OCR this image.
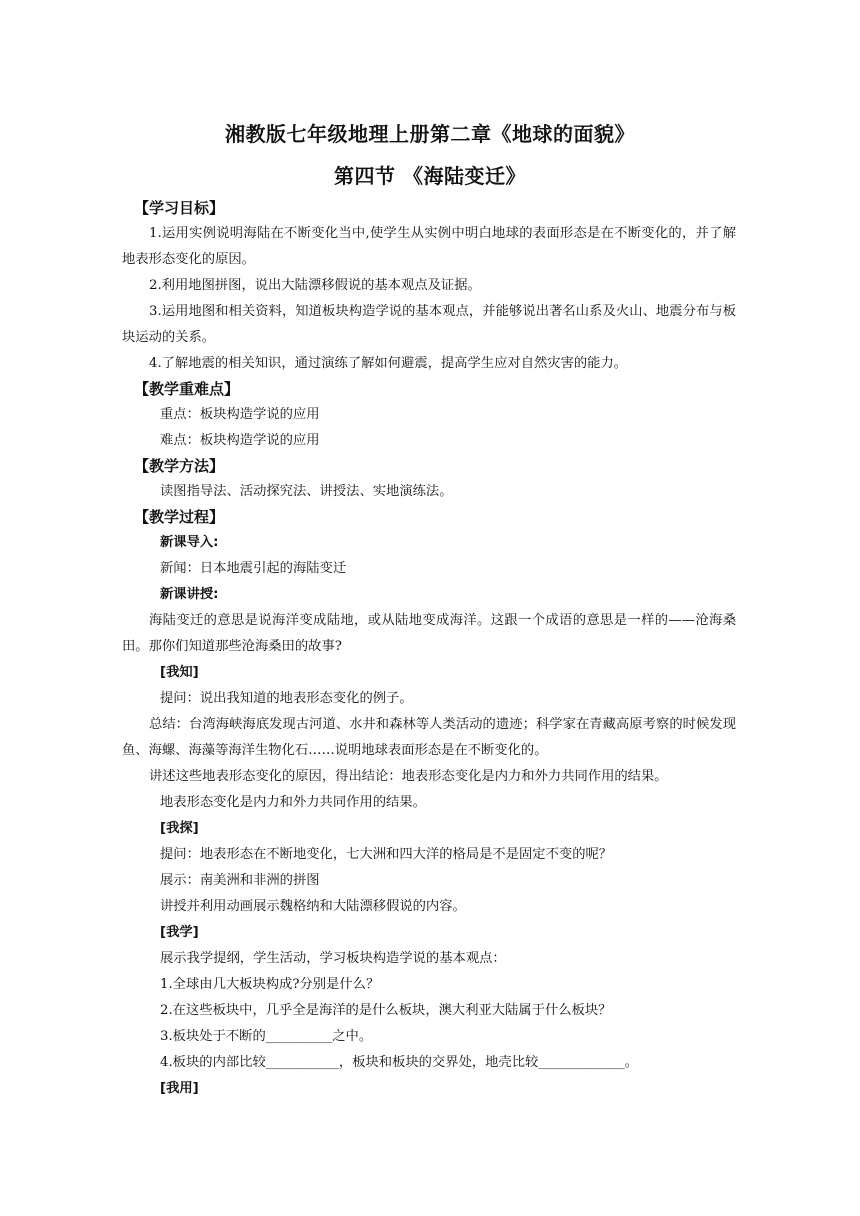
湘教版七年级地理上册第二章《地球的面貌》
第四节 《海陆变迁》
【学习目标】
1.运用实例说明海陆在不断变化当中,使学生从实例中明白地球的表面形态是在不断变化的，并了解地表形态变化的原因。
2.利用地图拼图，说出大陆漂移假说的基本观点及证据。
3.运用地图和相关资料，知道板块构造学说的基本观点，并能够说出著名山系及火山、地震分布与板块运动的关系。
4.了解地震的相关知识，通过演练了解如何避震，提高学生应对自然灾害的能力。
【教学重难点】
重点：板块构造学说的应用
难点：板块构造学说的应用
【教学方法】
读图指导法、活动探究法、讲授法、实地演练法。
【教学过程】
新课导入:
新闻：日本地震引起的海陆变迁
新课讲授:
海陆变迁的意思是说海洋变成陆地，或从陆地变成海洋。这跟一个成语的意思是一样的——沧海桑田。那你们知道那些沧海桑田的故事?
[我知]
提问：说出我知道的地表形态变化的例子。
总结：台湾海峡海底发现古河道、水井和森林等人类活动的遗迹；科学家在青藏高原考察的时候发现鱼、海螺、海藻等海洋生物化石……说明地球表面形态是在不断变化的。
讲述这些地表形态变化的原因，得出结论：地表形态变化是内力和外力共同作用的结果。
地表形态变化是内力和外力共同作用的结果。
[我探]
提问：地表形态在不断地变化，七大洲和四大洋的格局是不是固定不变的呢？
展示：南美洲和非洲的拼图
讲授并利用动画展示魏格纳和大陆漂移假说的内容。
[我学]
展示我学提纲，学生活动，学习板块构造学说的基本观点：
1.全球由几大板块构成?分别是什么？
2.在这些板块中，几乎全是海洋的是什么板块，澳大利亚大陆属于什么板块？
3.板块处于不断的__________之中。
4.板块的内部比较___________，板块和板块的交界处，地壳比较_____________。
[我用]
